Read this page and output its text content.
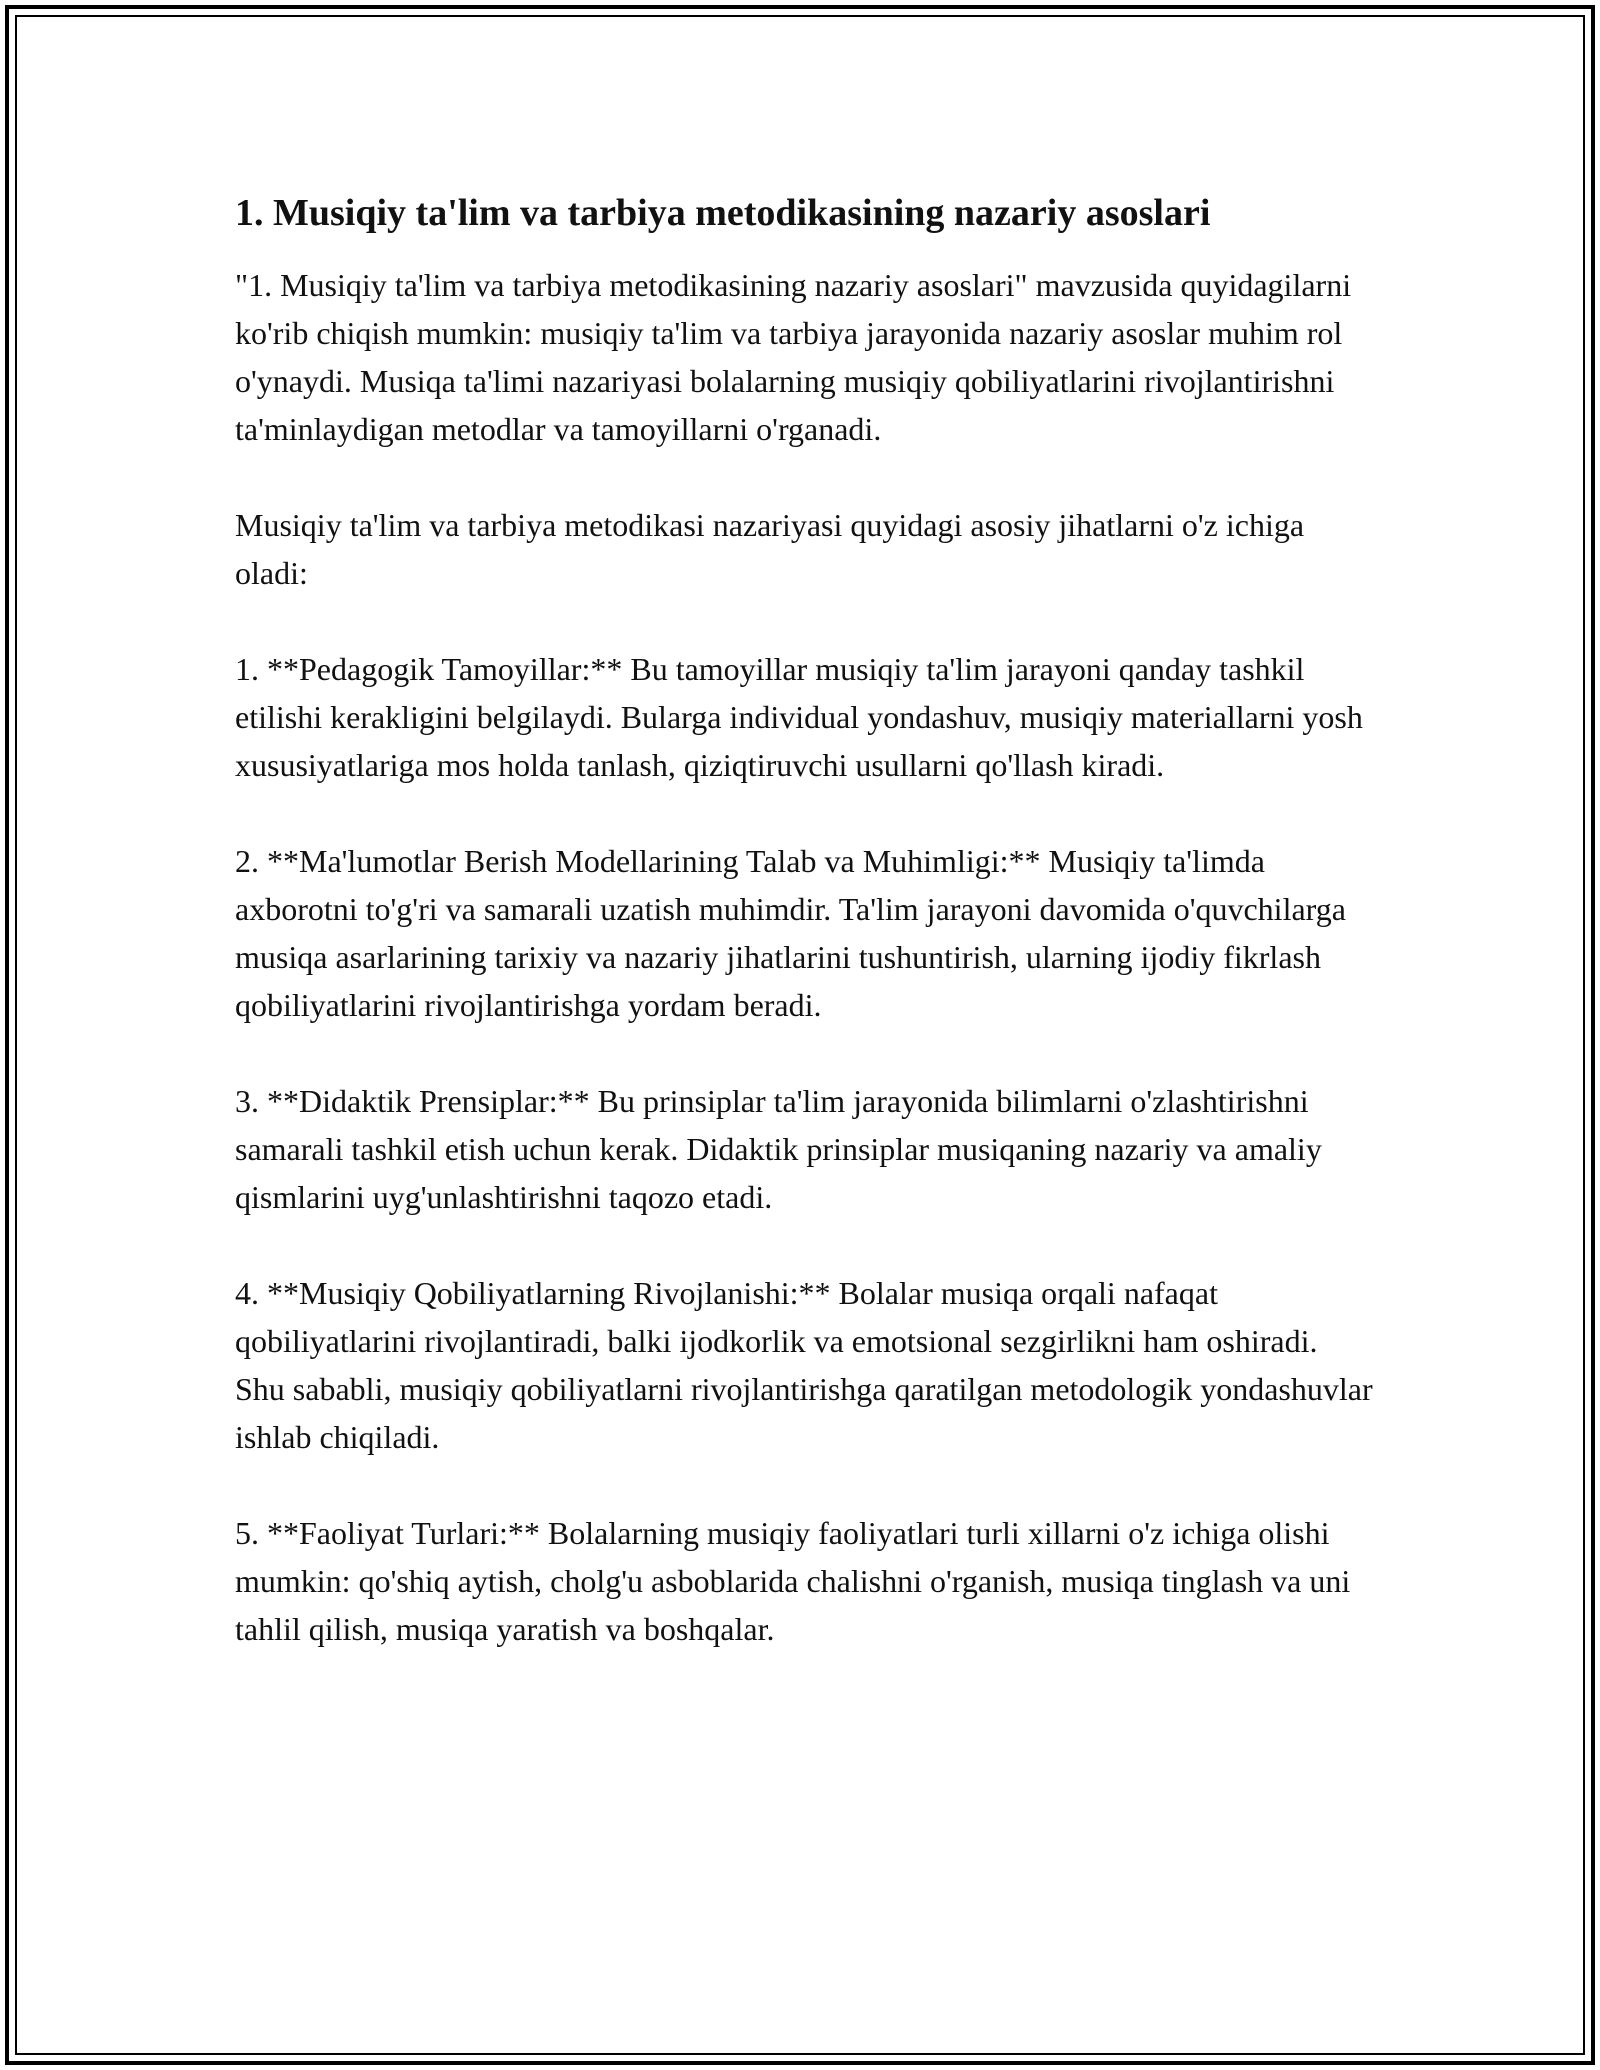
1. Musiqiy ta'lim va tarbiya metodikasining nazariy asoslari

"1. Musiqiy ta'lim va tarbiya metodikasining nazariy asoslari" mavzusida quyidagilarni ko'rib chiqish mumkin: musiqiy ta'lim va tarbiya jarayonida nazariy asoslar muhim rol o'ynaydi. Musiqa ta'limi nazariyasi bolalarning musiqiy qobiliyatlarini rivojlantirishni ta'minlaydigan metodlar va tamoyillarni o'rganadi.

Musiqiy ta'lim va tarbiya metodikasi nazariyasi quyidagi asosiy jihatlarni o'z ichiga oladi:

1. **Pedagogik Tamoyillar:** Bu tamoyillar musiqiy ta'lim jarayoni qanday tashkil etilishi kerakligini belgilaydi. Bularga individual yondashuv, musiqiy materiallarni yosh xususiyatlariga mos holda tanlash, qiziqtiruvchi usullarni qo'llash kiradi.

2. **Ma'lumotlar Berish Modellarining Talab va Muhimligi:** Musiqiy ta'limda axborotni to'g'ri va samarali uzatish muhimdir. Ta'lim jarayoni davomida o'quvchilarga musiqa asarlarining tarixiy va nazariy jihatlarini tushuntirish, ularning ijodiy fikrlash qobiliyatlarini rivojlantirishga yordam beradi.

3. **Didaktik Prensiplar:** Bu prinsiplar ta'lim jarayonida bilimlarni o'zlashtirishni samarali tashkil etish uchun kerak. Didaktik prinsiplar musiqaning nazariy va amaliy qismlarini uyg'unlashtirishni taqozo etadi.

4. **Musiqiy Qobiliyatlarning Rivojlanishi:** Bolalar musiqa orqali nafaqat qobiliyatlarini rivojlantiradi, balki ijodkorlik va emotsional sezgirlikni ham oshiradi. Shu sababli, musiqiy qobiliyatlarni rivojlantirishga qaratilgan metodologik yondashuvlar ishlab chiqiladi.

5. **Faoliyat Turlari:** Bolalarning musiqiy faoliyatlari turli xillarni o'z ichiga olishi mumkin: qo'shiq aytish, cholg'u asboblarida chalishni o'rganish, musiqa tinglash va uni tahlil qilish, musiqa yaratish va boshqalar.
